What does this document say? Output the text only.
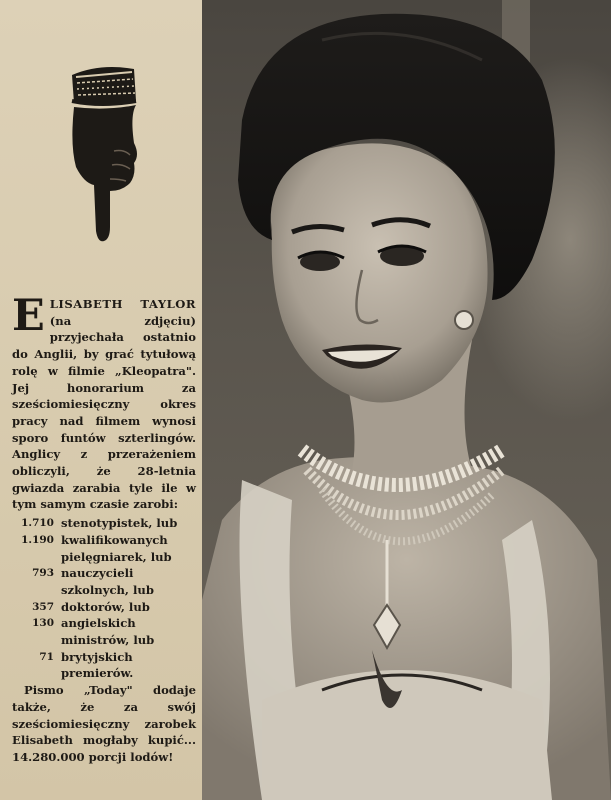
ELISABETH TAYLOR (na zdjęciu) przyjechała ostatnio do Anglii, by grać tytułową rolę w filmie „Kleopatra". Jej honorarium za sześciomiesięczny okres pracy nad filmem wynosi sporo funtów szterlingów. Anglicy z przerażeniem obliczyli, że 28-letnia gwiazda zarabia tyle ile w tym samym czasie zarobi:

1.710 stenotypistek, lub
1.190 kwalifikowanych pielęgniarek, lub
793 nauczycieli szkolnych, lub
357 doktorów, lub
130 angielskich ministrów, lub
71 brytyjskich premierów.

Pismo „Today" dodaje także, że za swój sześciomiesięczny zarobek Elisabeth mogłaby kupić... 14.280.000 porcji lodów!
